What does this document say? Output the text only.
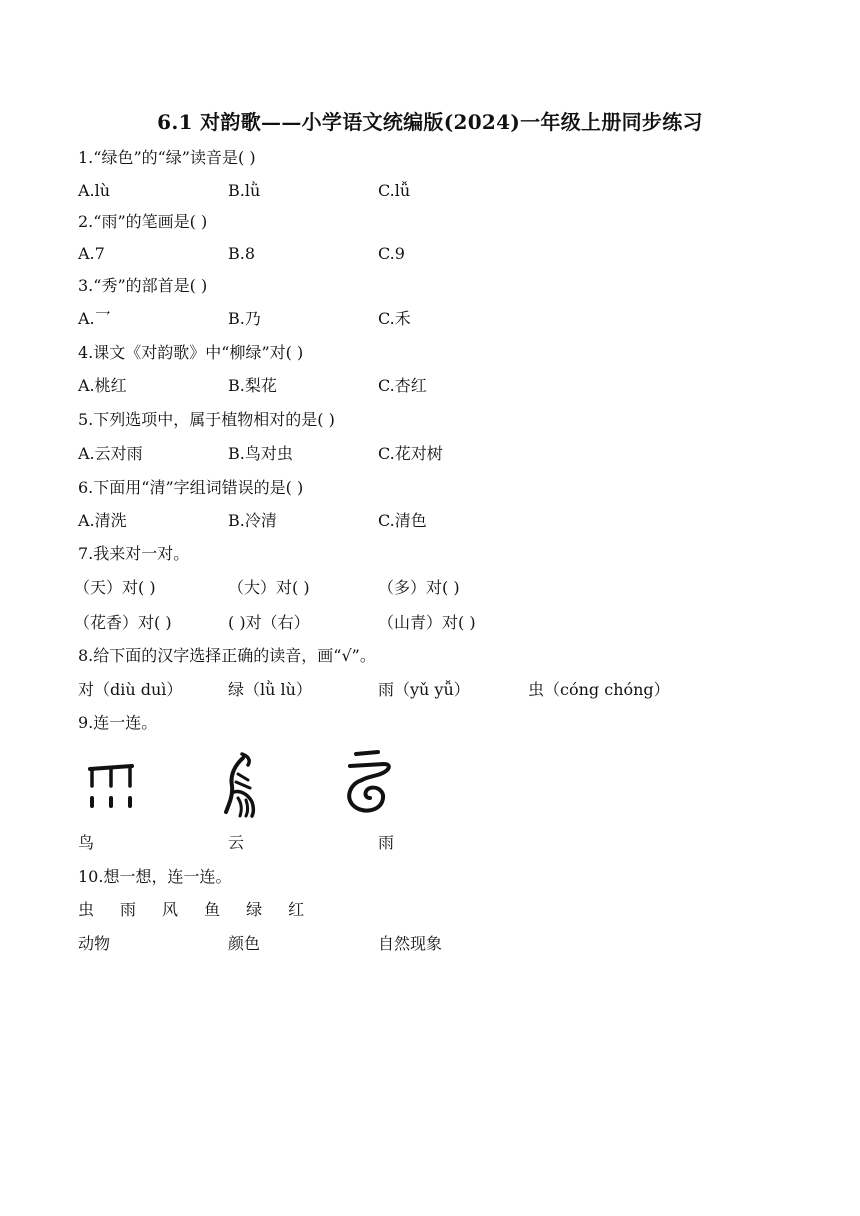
6.1 对韵歌——小学语文统编版(2024)一年级上册同步练习
1.“绿色”的“绿”读音是( )
A.lù	B.lǜ	C.lǚ
2.“雨”的笔画是( )
A.7	B.8	C.9
3.“秀”的部首是( )
A.乛	B.乃	C.禾
4.课文《对韵歌》中“柳绿”对( )
A.桃红	B.梨花	C.杏红
5.下列选项中，属于植物相对的是( )
A.云对雨	B.鸟对虫	C.花对树
6.下面用“清”字组词错误的是( )
A.清洗	B.冷清	C.清色
7.我来对一对。
（天）对( )	（大）对( )	（多）对( )
（花香）对( )	( )对（右）	（山青）对( )
8.给下面的汉字选择正确的读音，画“√”。
对（diù duì）	绿（lǜ lù）	雨（yǔ yǚ）	虫（cóng chóng）
9.连一连。
鸟	云	雨
10.想一想，连一连。
虫 雨 风 鱼 绿 红
动物	颜色	自然现象
